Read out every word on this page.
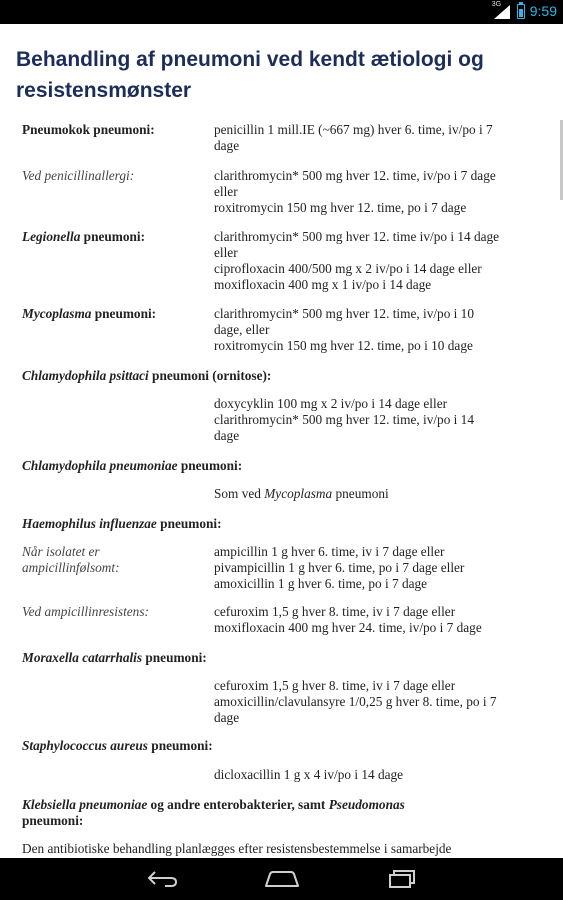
3G 9:59
Behandling af pneumoni ved kendt ætiologi og resistensmønster
Pneumokok pneumoni:	penicillin 1 mill.IE (~667 mg) hver 6. time, iv/po i 7
dage
Ved penicillinallergi:	clarithromycin* 500 mg hver 12. time, iv/po i 7 dage
eller
roxitromycin 150 mg hver 12. time, po i 7 dage
Legionella pneumoni:	clarithromycin* 500 mg hver 12. time iv/po i 14 dage
eller
ciprofloxacin 400/500 mg x 2 iv/po i 14 dage eller
moxifloxacin 400 mg x 1 iv/po i 14 dage
Mycoplasma pneumoni:	clarithromycin* 500 mg hver 12. time, iv/po i 10
dage, eller
roxitromycin 150 mg hver 12. time, po i 10 dage
Chlamydophila psittaci pneumoni (ornitose):
doxycyklin 100 mg x 2 iv/po i 14 dage eller
clarithromycin* 500 mg hver 12. time, iv/po i 14
dage
Chlamydophila pneumoniae pneumoni:
Som ved Mycoplasma pneumoni
Haemophilus influenzae pneumoni:
Når isolatet er
ampicillinfølsomt:
ampicillin 1 g hver 6. time, iv i 7 dage eller
pivampicillin 1 g hver 6. time, po i 7 dage eller
amoxicillin 1 g hver 6. time, po i 7 dage
Ved ampicillinresistens:	cefuroxim 1,5 g hver 8. time, iv i 7 dage eller
moxifloxacin 400 mg hver 24. time, iv/po i 7 dage
Moraxella catarrhalis pneumoni:
cefuroxim 1,5 g hver 8. time, iv i 7 dage eller
amoxicillin/clavulansyre 1/0,25 g hver 8. time, po i 7
dage
Staphylococcus aureus pneumoni:
dicloxacillin 1 g x 4 iv/po i 14 dage
Klebsiella pneumoniae og andre enterobakterier, samt Pseudomonas
pneumoni:
Den antibiotiske behandling planlægges efter resistensbestemmelse i samarbejde
